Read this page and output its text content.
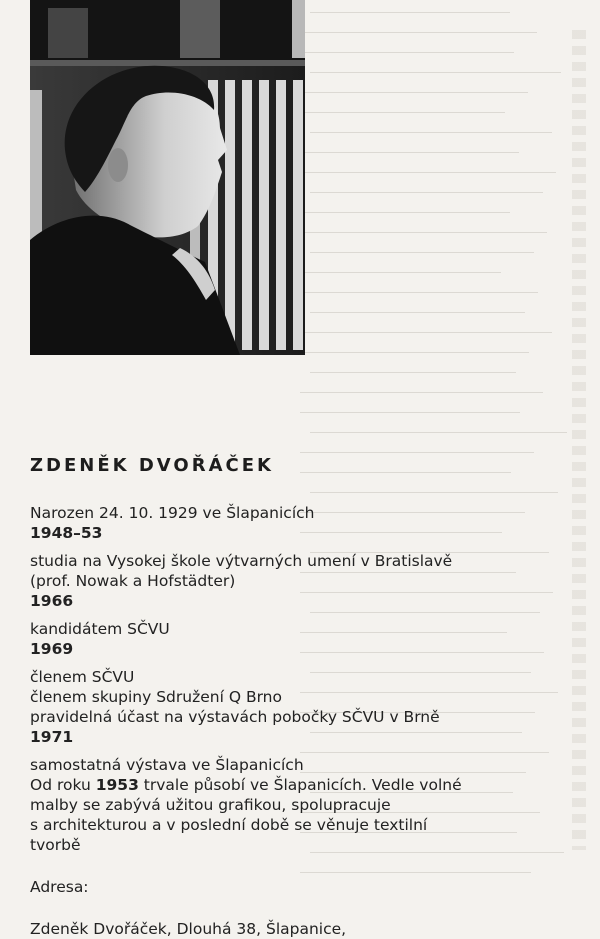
ZDENĚK DVOŘÁČEK

Narozen 24. 10. 1929 ve Šlapanicích

1948–53

studia na Vysokej škole výtvarných umení v Bratislavě

(prof. Nowak a Hofstädter)

1966

kandidátem SČVU

1969

členem SČVU

členem skupiny Sdružení Q Brno

pravidelná účast na výstavách pobočky SČVU v Brně

1971

samostatná výstava ve Šlapanicích

Od roku 1953 trvale působí ve Šlapanicích. Vedle volné

malby se zabývá užitou grafikou, spolupracuje

s architekturou a v poslední době se věnuje textilní

tvorbě

Adresa:

Zdeněk Dvořáček, Dlouhá 38, Šlapanice,
